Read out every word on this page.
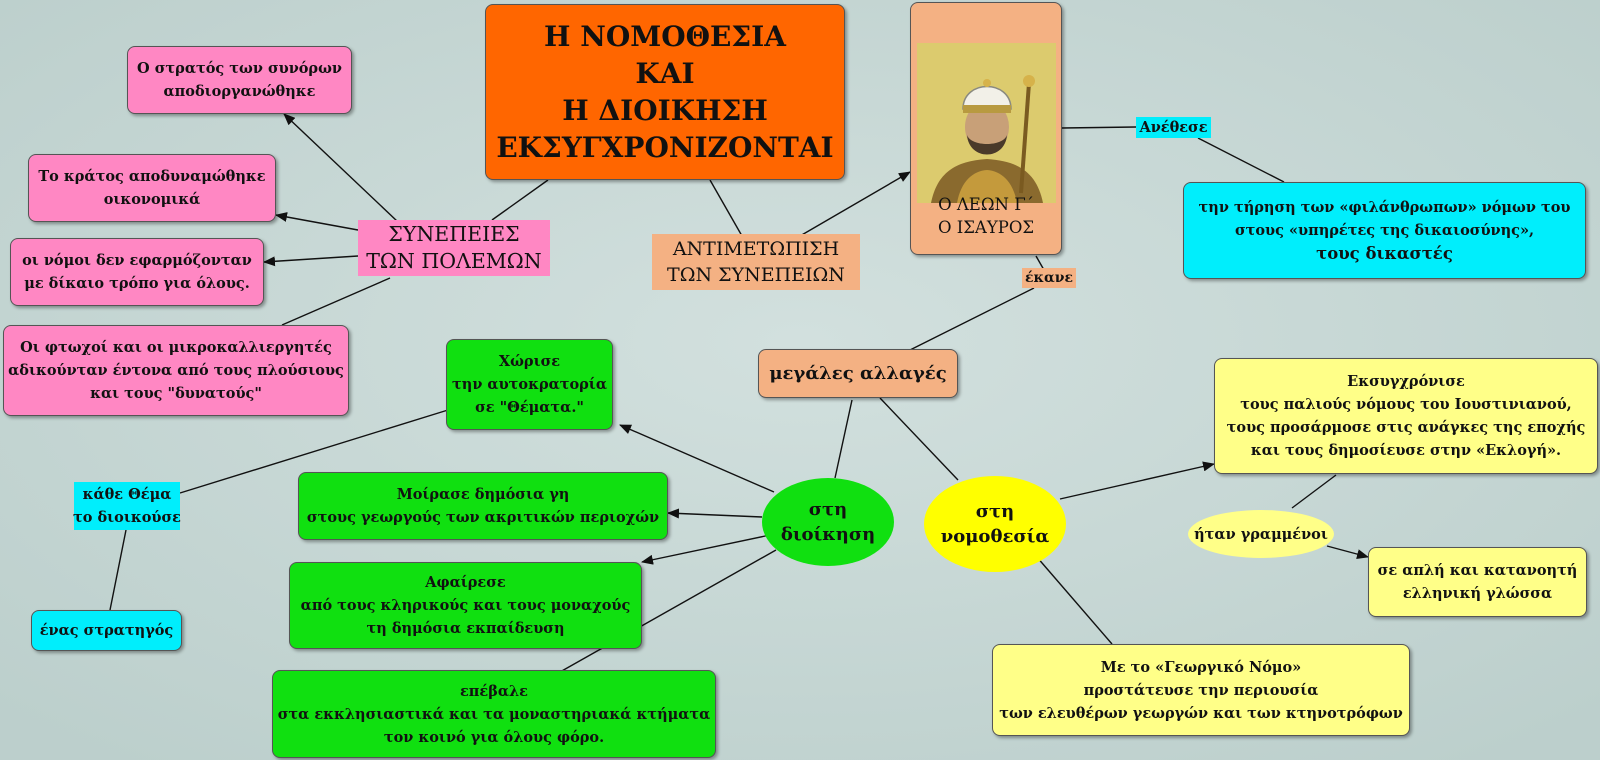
Η ΝΟΜΟΘΕΣΙΑ
ΚΑΙ
Η ΔΙΟΙΚΗΣΗ
ΕΚΣΥΓΧΡΟΝΙΖΟΝΤΑΙ
ΣΥΝΕΠΕΙΕΣ
ΤΩΝ ΠΟΛΕΜΩΝ
Ο στρατός των συνόρων
αποδιοργανώθηκε
Το κράτος αποδυναμώθηκε
οικονομικά
οι νόμοι δεν εφαρμόζονταν
με δίκαιο τρόπο για όλους.
Οι φτωχοί και οι μικροκαλλιεργητές
αδικούνταν έντονα από τους πλούσιους
και τους "δυνατούς"
ΑΝΤΙΜΕΤΩΠΙΣΗ
ΤΩΝ ΣΥΝΕΠΕΙΩΝ
Ο ΛΕΩΝ Γ΄
Ο ΙΣΑΥΡΟΣ
Ανέθεσε
την τήρηση των «φιλάνθρωπων» νόμων του
στους «υπηρέτες της δικαιοσύνης»,
τους δικαστές
έκανε
μεγάλες αλλαγές
στη
διοίκηση
Χώρισε
την αυτοκρατορία
σε "Θέματα."
Μοίρασε δημόσια γη
στους γεωργούς των ακριτικών περιοχών
Αφαίρεσε
από τους κληρικούς και τους μοναχούς
τη δημόσια εκπαίδευση
επέβαλε
στα εκκλησιαστικά και τα μοναστηριακά κτήματα
τον κοινό για όλους φόρο.
κάθε Θέμα
το διοικούσε
ένας στρατηγός
στη
νομοθεσία
Εκσυγχρόνισε
τους παλιούς νόμους του Ιουστινιανού,
τους προσάρμοσε στις ανάγκες της εποχής
και τους δημοσίευσε στην «Εκλογή».
ήταν γραμμένοι
σε απλή και κατανοητή
ελληνική γλώσσα
Με το «Γεωργικό Νόμο»
προστάτευσε την περιουσία
των ελευθέρων γεωργών και των κτηνοτρόφων
